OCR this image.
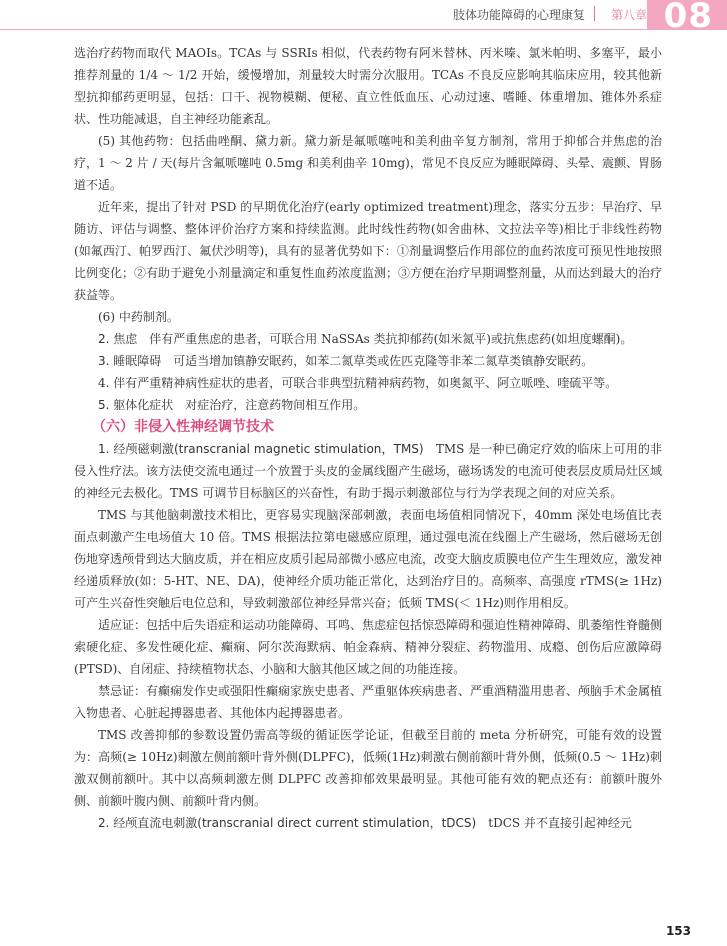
肢体功能障碍的心理康复 第八章 08

选治疗药物而取代 MAOIs。TCAs 与 SSRIs 相似，代表药物有阿米替林、丙米嗪、氯米帕明、多塞平，最小推荐剂量的 1/4 ～ 1/2 开始，缓慢增加，剂量较大时需分次服用。TCAs 不良反应影响其临床应用，较其他新型抗抑郁药更明显，包括：口干、视物模糊、便秘、直立性低血压、心动过速、嗜睡、体重增加、锥体外系症状、性功能减退，自主神经功能紊乱。

(5) 其他药物：包括曲唑酮、黛力新。黛力新是氟哌噻吨和美利曲辛复方制剂，常用于抑郁合并焦虑的治疗，1 ～ 2 片 / 天(每片含氟哌噻吨 0.5mg 和美利曲辛 10mg)，常见不良反应为睡眠障碍、头晕、震颤、胃肠道不适。

近年来，提出了针对 PSD 的早期优化治疗(early optimized treatment)理念，落实分五步：早治疗、早随访、评估与调整、整体评价治疗方案和持续监测。此时线性药物(如舍曲林、文拉法辛等)相比于非线性药物(如氟西汀、帕罗西汀、氟伏沙明等)，具有的显著优势如下：①剂量调整后作用部位的血药浓度可预见性地按照比例变化；②有助于避免小剂量滴定和重复性血药浓度监测；③方便在治疗早期调整剂量，从而达到最大的治疗获益等。

(6) 中药制剂。

2. 焦虑　 伴有严重焦虑的患者，可联合用 NaSSAs 类抗抑郁药(如米氮平)或抗焦虑药(如坦度螺酮)。

3. 睡眠障碍　 可适当增加镇静安眠药，如苯二氮草类或佐匹克隆等非苯二氮草类镇静安眠药。

4. 伴有严重精神病性症状的患者，可联合非典型抗精神病药物，如奥氮平、阿立哌唑、喹硫平等。

5. 躯体化症状　 对症治疗，注意药物间相互作用。

（六）非侵入性神经调节技术

1. 经颅磁刺激(transcranial magnetic stimulation，TMS)　 TMS 是一种已确定疗效的临床上可用的非侵入性疗法。该方法使交流电通过一个放置于头皮的金属线圈产生磁场，磁场诱发的电流可使表层皮质局灶区域的神经元去极化。TMS 可调节目标脑区的兴奋性，有助于揭示刺激部位与行为学表现之间的对应关系。

TMS 与其他脑刺激技术相比，更容易实现脑深部刺激，表面电场值相同情况下，40mm 深处电场值比表面点刺激产生电场值大 10 倍。TMS 根据法拉第电磁感应原理，通过强电流在线圈上产生磁场，然后磁场无创伤地穿透颅骨到达大脑皮质，并在相应皮质引起局部微小感应电流，改变大脑皮质膜电位产生生理效应，激发神经递质释放(如：5-HT、NE、DA)，使神经介质功能正常化，达到治疗目的。高频率、高强度 rTMS(≥ 1Hz)可产生兴奋性突触后电位总和，导致刺激部位神经异常兴奋；低频 TMS(＜ 1Hz)则作用相反。

适应证：包括中后失语症和运动功能障碍、耳鸣、焦虑症包括惊恐障碍和强迫性精神障碍、肌萎缩性脊髓侧索硬化症、多发性硬化症、癫痫、阿尔茨海默病、帕金森病、精神分裂症、药物滥用、成瘾、创伤后应激障碍(PTSD)、自闭症、持续植物状态、小脑和大脑其他区域之间的功能连接。

禁忌证：有癫痫发作史或强阳性癫痫家族史患者、严重躯体疾病患者、严重酒精滥用患者、颅脑手术金属植入物患者、心脏起搏器患者、其他体内起搏器患者。

TMS 改善抑郁的参数设置仍需高等级的循证医学论证，但截至目前的 meta 分析研究，可能有效的设置为：高频(≥ 10Hz)刺激左侧前额叶背外侧(DLPFC)，低频(1Hz)刺激右侧前额叶背外侧，低频(0.5 ～ 1Hz)刺激双侧前额叶。其中以高频刺激左侧 DLPFC 改善抑郁效果最明显。其他可能有效的靶点还有：前额叶腹外侧、前额叶腹内侧、前额叶背内侧。

2. 经颅直流电刺激(transcranial direct current stimulation，tDCS)　 tDCS 并不直接引起神经元

153
